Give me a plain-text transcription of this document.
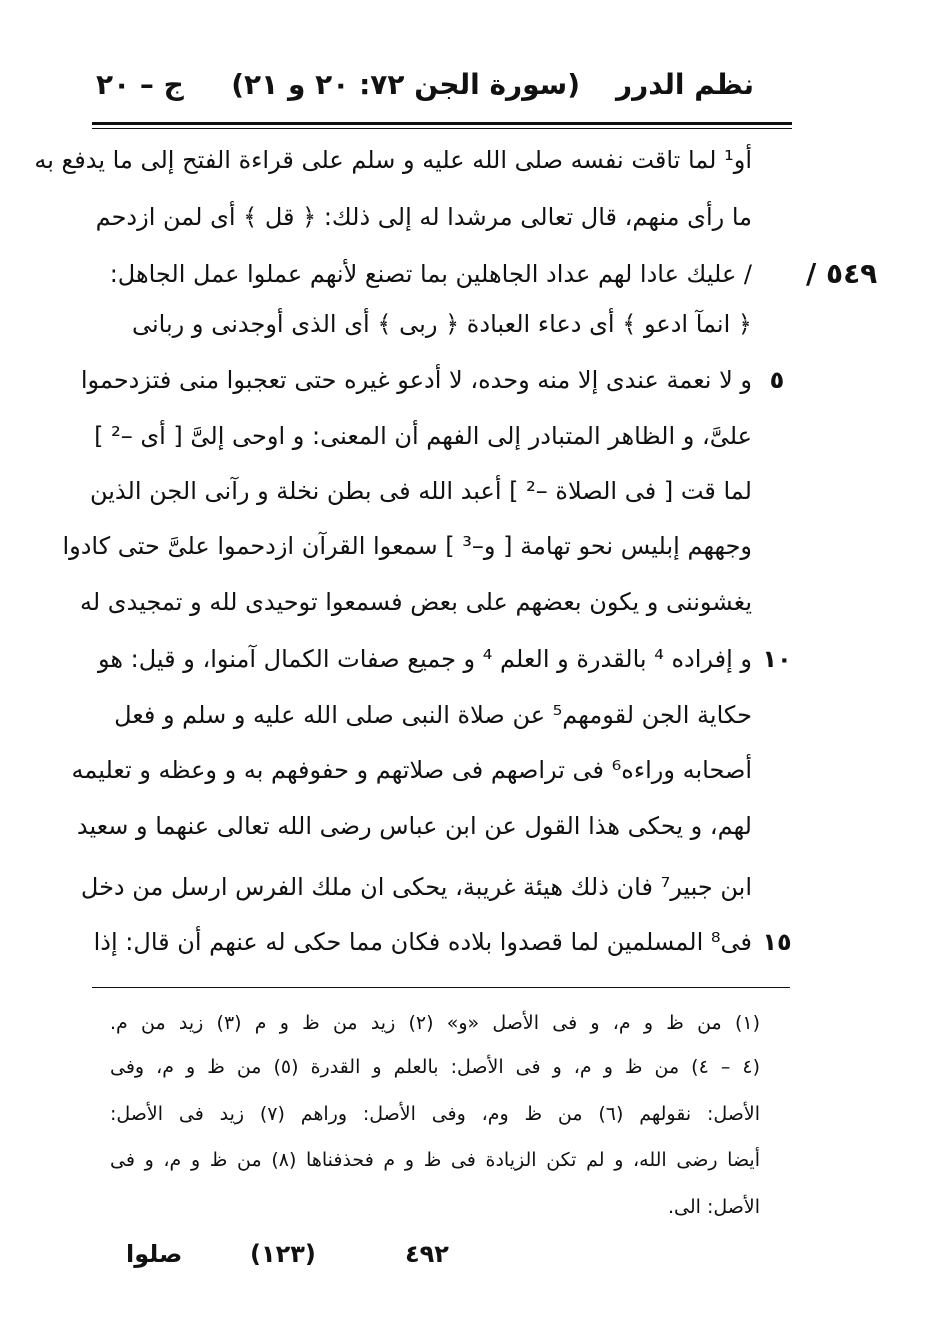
نظم الدرر
(سورة الجن ٧٢: ٢٠ و ٢١)
ج – ٢٠
٥٤٩ /
أو¹ لما تاقت نفسه صلى الله عليه و سلم على قراءة الفتح إلى ما يدفع به
ما رأى منهم، قال تعالى مرشدا له إلى ذلك: ﴿ قل ﴾ أى لمن ازدحم
/ عليك عادا لهم عداد الجاهلين بما تصنع لأنهم عملوا عمل الجاهل:
﴿ انمآ ادعو ﴾ أى دعاء العبادة ﴿ ربى ﴾ أى الذى أوجدنى و ربانى
و لا نعمة عندى إلا منه وحده، لا أدعو غيره حتى تعجبوا منى فتزدحموا
علىَّ، و الظاهر المتبادر إلى الفهم أن المعنى: و اوحى إلىَّ [ أى –² ]
لما قت [ فى الصلاة –² ] أعبد الله فى بطن نخلة و رآنى الجن الذين
وجههم إبليس نحو تهامة [ و–³ ] سمعوا القرآن ازدحموا علىَّ حتى كادوا
يغشوننى و يكون بعضهم على بعض فسمعوا توحيدى لله و تمجيدى له
و إفراده ⁴ بالقدرة و العلم ⁴ و جميع صفات الكمال آمنوا، و قيل: هو
حكاية الجن لقومهم⁵ عن صلاة النبى صلى الله عليه و سلم و فعل
أصحابه وراءه⁶ فى تراصهم فى صلاتهم و حفوفهم به و وعظه و تعليمه
لهم، و يحكى هذا القول عن ابن عباس رضى الله تعالى عنهما و سعيد
ابن جبير⁷ فان ذلك هيئة غريبة، يحكى ان ملك الفرس ارسل من دخل
فى⁸ المسلمين لما قصدوا بلاده فكان مما حكى له عنهم أن قال: إذا
٥
١٠
١٥
(١) من ظ و م، و فى الأصل «و» (٢) زيد من ظ و م (٣) زيد من م.
(٤ – ٤) من ظ و م، و فى الأصل: بالعلم و القدرة (٥) من ظ و م، وفى
الأصل: نقولهم (٦) من ظ وم، وفى الأصل: وراهم (٧) زيد فى الأصل:
أيضا رضى الله، و لم تكن الزيادة فى ظ و م فحذفناها (٨) من ظ و م، و فى
الأصل: الى.
٤٩٢
(١٢٣)
صلوا
